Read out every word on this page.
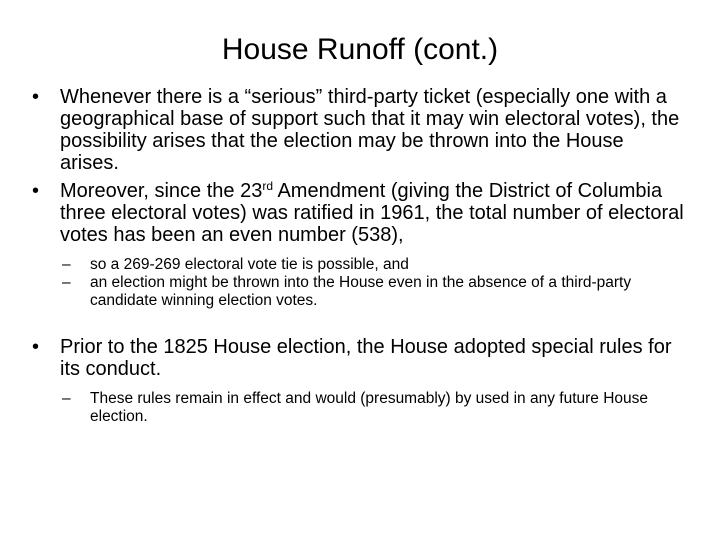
House Runoff (cont.)
• Whenever there is a “serious” third-party ticket (especially one with a geographical base of support such that it may win electoral votes), the possibility arises that the election may be thrown into the House arises.
• Moreover, since the 23rd Amendment (giving the District of Columbia three electoral votes) was ratified in 1961, the total number of electoral votes has been an even number (538),
– so a 269-269 electoral vote tie is possible, and
– an election might be thrown into the House even in the absence of a third-party candidate winning election votes.
• Prior to the 1825 House election, the House adopted special rules for its conduct.
– These rules remain in effect and would (presumably) by used in any future House election.
